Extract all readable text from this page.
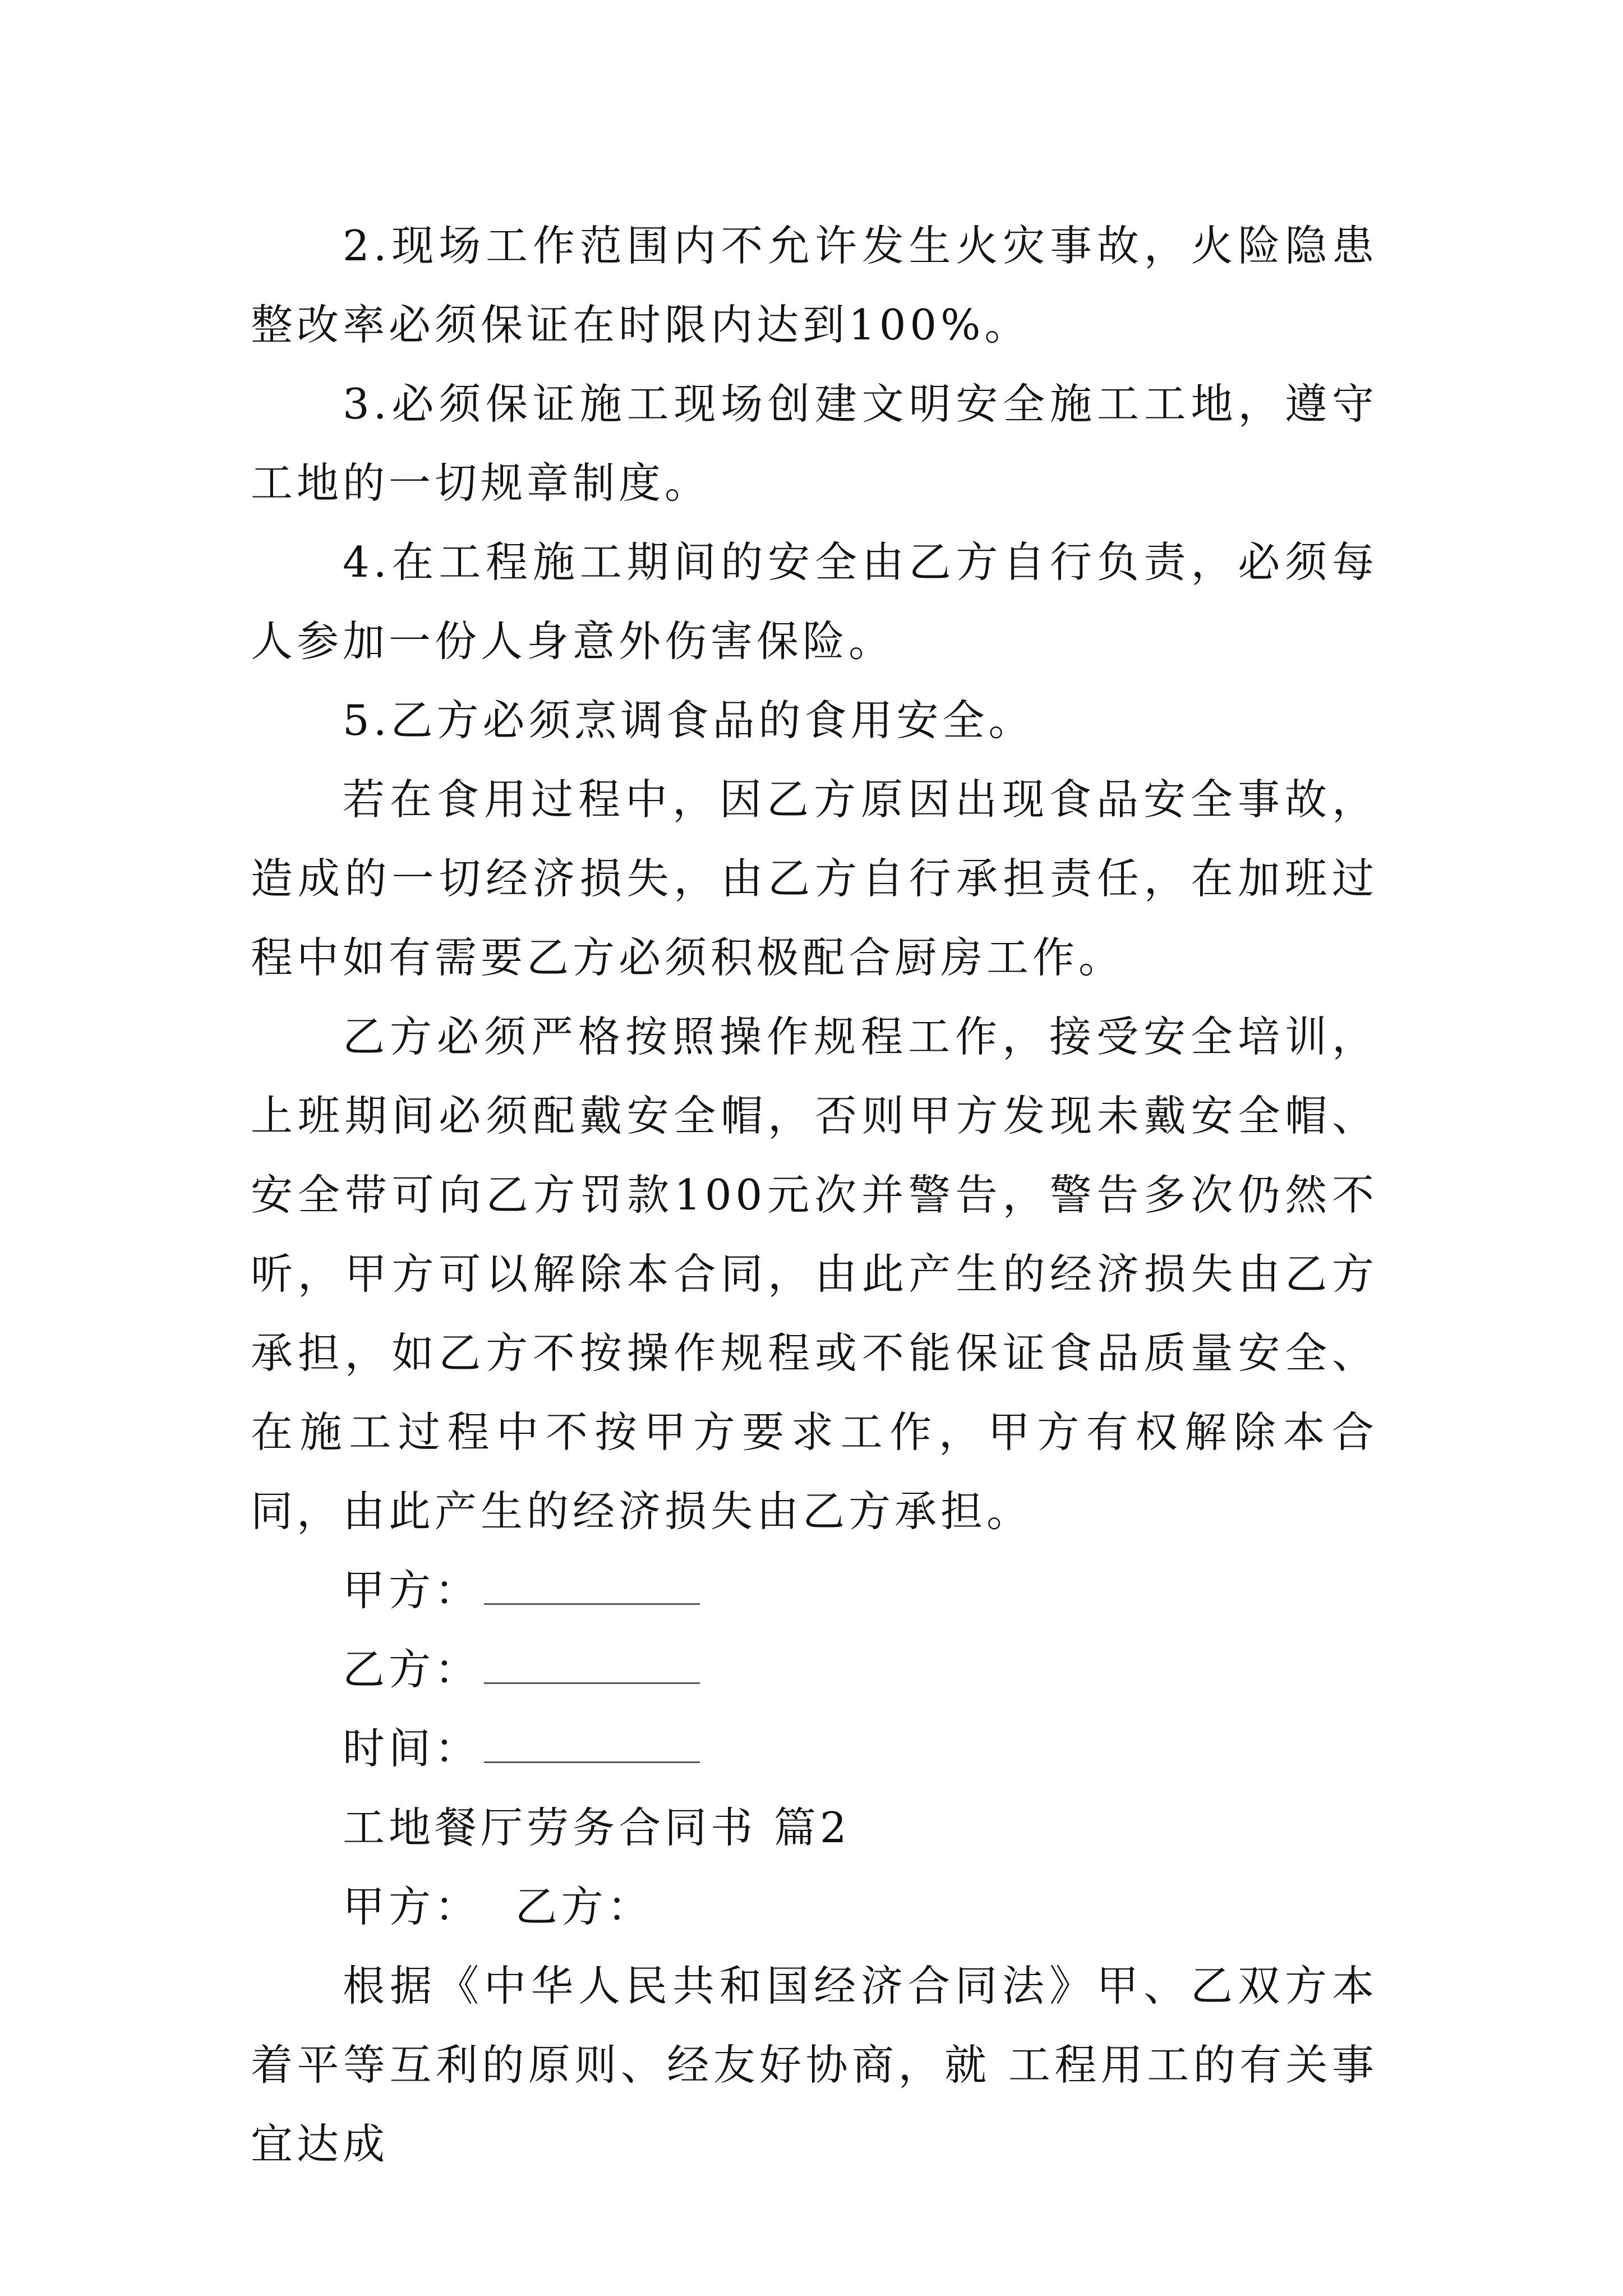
2.现场工作范围内不允许发生火灾事故，火险隐患整改率必须保证在时限内达到100%。

3.必须保证施工现场创建文明安全施工工地，遵守工地的一切规章制度。

4.在工程施工期间的安全由乙方自行负责，必须每人参加一份人身意外伤害保险。

5.乙方必须烹调食品的食用安全。

若在食用过程中，因乙方原因出现食品安全事故，造成的一切经济损失，由乙方自行承担责任，在加班过程中如有需要乙方必须积极配合厨房工作。

乙方必须严格按照操作规程工作，接受安全培训，上班期间必须配戴安全帽，否则甲方发现未戴安全帽、安全带可向乙方罚款100元次并警告，警告多次仍然不听，甲方可以解除本合同，由此产生的经济损失由乙方承担，如乙方不按操作规程或不能保证食品质量安全、在施工过程中不按甲方要求工作，甲方有权解除本合同，由此产生的经济损失由乙方承担。

甲方：
乙方：
时间：
工地餐厅劳务合同书 篇2
甲方：  乙方：

根据《中华人民共和国经济合同法》甲、乙双方本着平等互利的原则、经友好协商，就 工程用工的有关事宜达成
